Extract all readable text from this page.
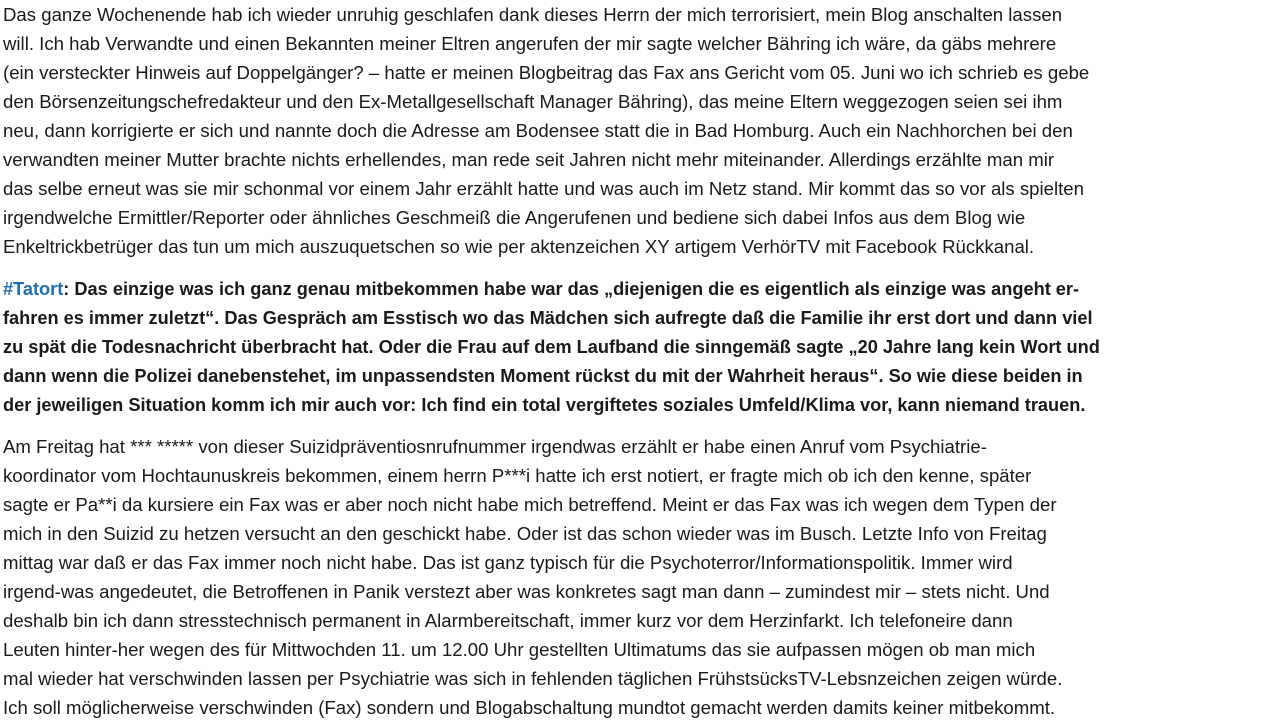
Das ganze Wochenende hab ich wieder unruhig geschlafen dank dieses Herrn der mich terrorisiert, mein Blog anschalten lassen
will. Ich hab Verwandte und einen Bekannten meiner Eltren angerufen der mir sagte welcher Bähring ich wäre, da gäbs mehrere
(ein versteckter Hinweis auf Doppelgänger? – hatte er meinen Blogbeitrag das Fax ans Gericht vom 05. Juni wo ich schrieb es gebe
den Börsenzeitungschefredakteur und den Ex-Metallgesellschaft Manager Bähring), das meine Eltern weggezogen seien sei ihm
neu, dann korrigierte er sich und nannte doch die Adresse am Bodensee statt die in Bad Homburg. Auch ein Nachhorchen bei den
verwandten meiner Mutter brachte nichts erhellendes, man rede seit Jahren nicht mehr miteinander. Allerdings erzählte man mir
das selbe erneut was sie mir schonmal vor einem Jahr erzählt hatte und was auch im Netz stand. Mir kommt das so vor als spielten
irgendwelche Ermittler/Reporter oder ähnliches Geschmeiß die Angerufenen und bediene sich dabei Infos aus dem Blog wie
Enkeltrickbetrüger das tun um mich auszuquetschen so wie per aktenzeichen XY artigem VerhörTV mit Facebook Rückkanal.

#Tatort: Das einzige was ich ganz genau mitbekommen habe war das „diejenigen die es eigentlich als einzige was angeht er-
fahren es immer zuletzt“. Das Gespräch am Esstisch wo das Mädchen sich aufregte daß die Familie ihr erst dort und dann viel
zu spät die Todesnachricht überbracht hat. Oder die Frau auf dem Laufband die sinngemäß sagte „20 Jahre lang kein Wort und
dann wenn die Polizei danebenstehet, im unpassendsten Moment rückst du mit der Wahrheit heraus“. So wie diese beiden in
der jeweiligen Situation komm ich mir auch vor: Ich find ein total vergiftetes soziales Umfeld/Klima vor, kann niemand trauen.

Am Freitag hat *** ***** von dieser Suizidpräventiosnrufnummer irgendwas erzählt er habe einen Anruf vom Psychiatrie-
koordinator vom Hochtaunuskreis bekommen, einem herrn P***i hatte ich erst notiert, er fragte mich ob ich den kenne, später
sagte er Pa**i da kursiere ein Fax was er aber noch nicht habe mich betreffend. Meint er das Fax was ich wegen dem Typen der
mich in den Suizid zu hetzen versucht an den geschickt habe. Oder ist das schon wieder was im Busch. Letzte Info von Freitag
mittag war daß er das Fax immer noch nicht habe. Das ist ganz typisch für die Psychoterror/Informationspolitik. Immer wird
irgend-was angedeutet, die Betroffenen in Panik verstezt aber was konkretes sagt man dann – zumindest mir – stets nicht. Und
deshalb bin ich dann stresstechnisch permanent in Alarmbereitschaft, immer kurz vor dem Herzinfarkt. Ich telefoneire dann
Leuten hinter-her wegen des für Mittwochden 11. um 12.00 Uhr gestellten Ultimatums das sie aufpassen mögen ob man mich
mal wieder hat verschwinden lassen per Psychiatrie was sich in fehlenden täglichen FrühstsücksTV-Lebsnzeichen zeigen würde.
Ich soll möglicherweise verschwinden (Fax) sondern und Blogabschaltung mundtot gemacht werden damits keiner mitbekommt.
